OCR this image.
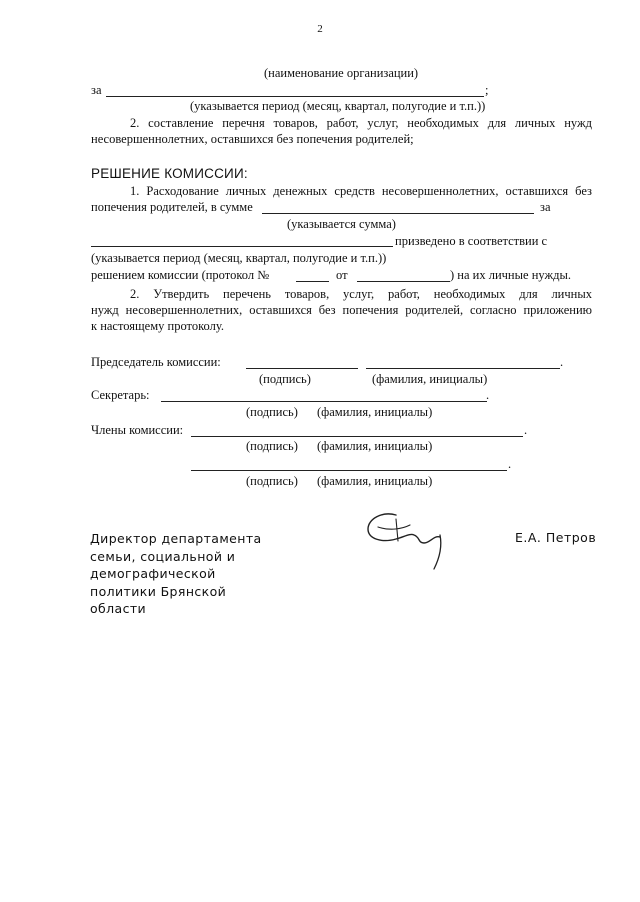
2
(наименование организации)
за	;
(указывается период (месяц, квартал, полугодие и т.п.))
2. составление перечня товаров, работ, услуг, необходимых для личных нужд
несовершеннолетних, оставшихся без попечения родителей;
РЕШЕНИЕ КОМИССИИ:
1. Расходование личных денежных средств несовершеннолетних, оставшихся без
попечения родителей, в сумме	за
(указывается сумма)
призведено в соответствии с
(указывается период (месяц, квартал, полугодие и т.п.))
решением комиссии (протокол №	от	) на их личные нужды.
2. Утвердить перечень товаров, услуг, работ, необходимых для личных
нужд несовершеннолетних, оставшихся без попечения родителей, согласно приложению
к настоящему протоколу.
Председатель комиссии:	.
(подпись)	(фамилия, инициалы)
Секретарь:	.
(подпись) (фамилия, инициалы)
Члены комиссии:	.
(подпись) (фамилия, инициалы)
.
(подпись) (фамилия, инициалы)
Директор департамента семьи, социальной и демографической политики Брянской области
Е.А. Петров
